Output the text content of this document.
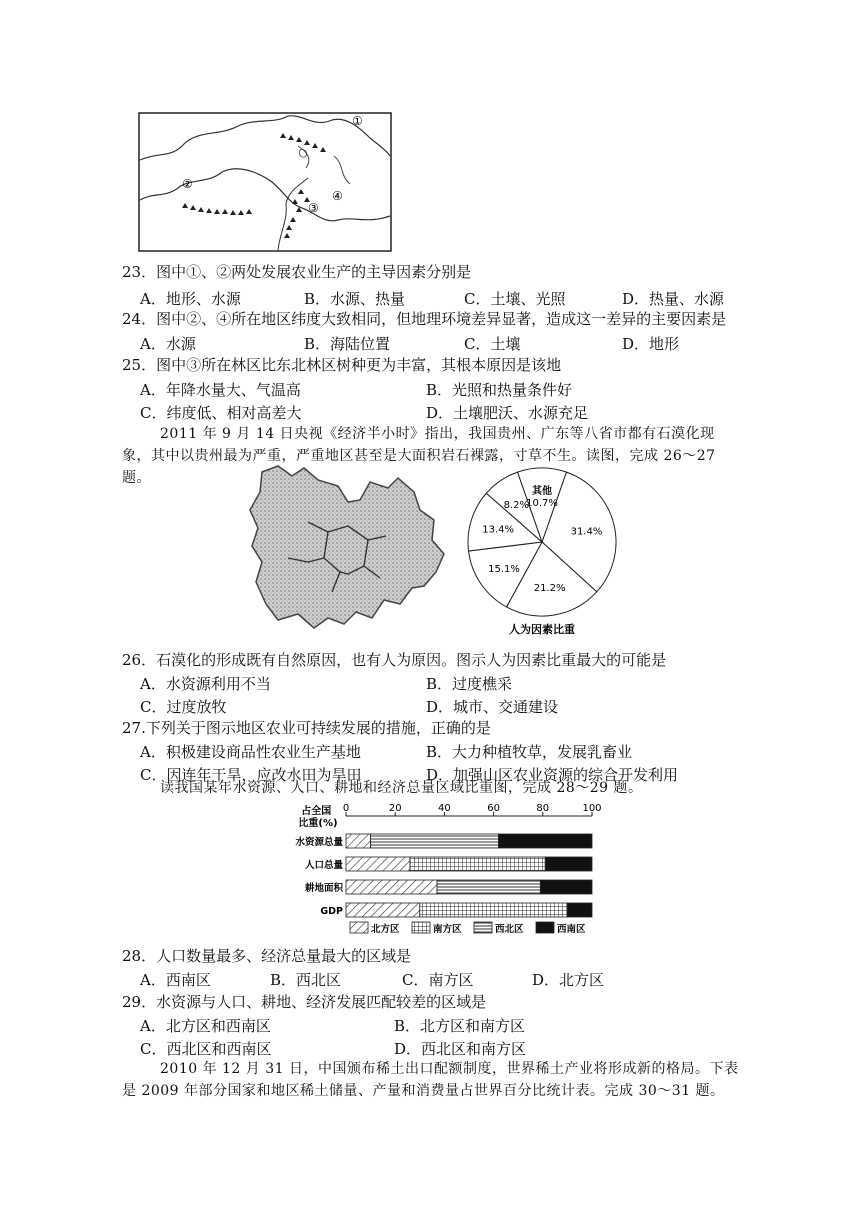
①
②
③
④
23．图中①、②两处发展农业生产的主导因素分别是
A．地形、水源	B．水源、热量	C．土壤、光照	D．热量、水源
24．图中②、④所在地区纬度大致相同，但地理环境差异显著，造成这一差异的主要因素是
A．水源	B．海陆位置	C．土壤	D．地形
25．图中③所在林区比东北林区树种更为丰富，其根本原因是该地
A．年降水量大、气温高	B．光照和热量条件好
C．纬度低、相对高差大	D．土壤肥沃、水源充足
2011 年 9 月 14 日央视《经济半小时》指出，我国贵州、广东等八省市都有石漠化现象，其中以贵州最为严重，严重地区甚至是大面积岩石裸露，寸草不生。读图，完成 26～27 题。
31.4%
21.2%
15.1%
13.4%
8.2%
其他 10.7%
人为因素比重
26．石漠化的形成既有自然原因，也有人为原因。图示人为因素比重最大的可能是
A．水资源利用不当	B．过度樵采
C．过度放牧	D．城市、交通建设
27.下列关于图示地区农业可持续发展的措施，正确的是
A．积极建设商品性农业生产基地	B．大力种植牧草，发展乳畜业
C．因连年干旱，应改水田为旱田	D．加强山区农业资源的综合开发利用
读我国某年水资源、人口、耕地和经济总量区域比重图，完成 28～29 题。
占全国 比重(%)
0	20	40	60	80	100
水资源总量
人口总量
耕地面积
GDP
北方区	南方区	西北区	西南区
28．人口数量最多、经济总量最大的区域是
A．西南区	B．西北区	C．南方区	D．北方区
29．水资源与人口、耕地、经济发展匹配较差的区域是
A．北方区和西南区	B．北方区和南方区
C．西北区和西南区	D．西北区和南方区
2010 年 12 月 31 日，中国颁布稀土出口配额制度，世界稀土产业将形成新的格局。下表是 2009 年部分国家和地区稀土储量、产量和消费量占世界百分比统计表。完成 30～31 题。
